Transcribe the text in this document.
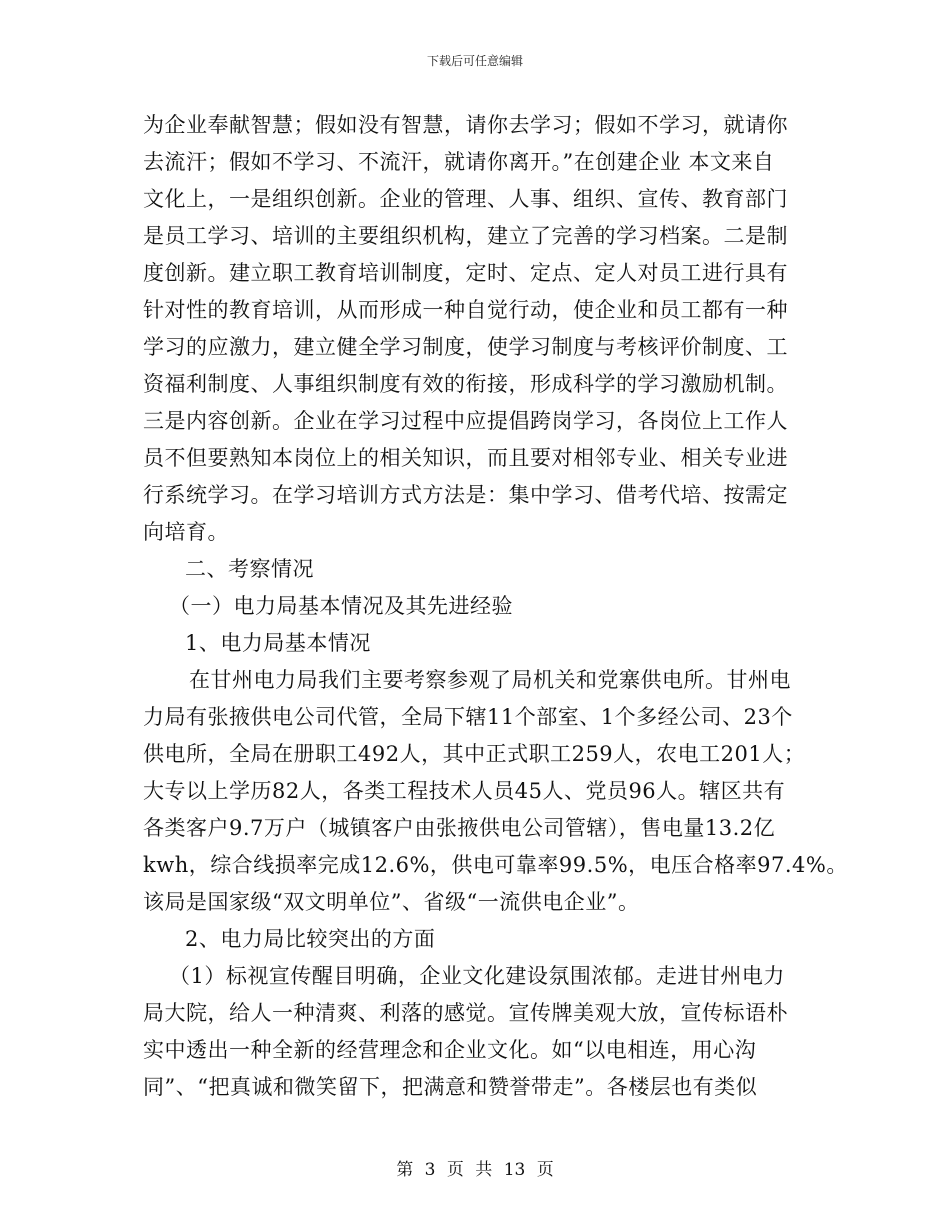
下载后可任意编辑
为企业奉献智慧；假如没有智慧，请你去学习；假如不学习，就请你
去流汗；假如不学习、不流汗，就请你离开。”在创建企业 本文来自
文化上，一是组织创新。企业的管理、人事、组织、宣传、教育部门
是员工学习、培训的主要组织机构，建立了完善的学习档案。二是制
度创新。建立职工教育培训制度，定时、定点、定人对员工进行具有
针对性的教育培训，从而形成一种自觉行动，使企业和员工都有一种
学习的应激力，建立健全学习制度，使学习制度与考核评价制度、工
资福利制度、人事组织制度有效的衔接，形成科学的学习激励机制。
三是内容创新。企业在学习过程中应提倡跨岗学习，各岗位上工作人
员不但要熟知本岗位上的相关知识，而且要对相邻专业、相关专业进
行系统学习。在学习培训方式方法是：集中学习、借考代培、按需定
向培育。
二、考察情况
（一）电力局基本情况及其先进经验
1、电力局基本情况
在甘州电力局我们主要考察参观了局机关和党寨供电所。甘州电
力局有张掖供电公司代管，全局下辖11个部室、1个多经公司、23个
供电所，全局在册职工492人，其中正式职工259人，农电工201人；
大专以上学历82人，各类工程技术人员45人、党员96人。辖区共有
各类客户9.7万户（城镇客户由张掖供电公司管辖），售电量13.2亿
kwh，综合线损率完成12.6%，供电可靠率99.5%，电压合格率97.4%。
该局是国家级“双文明单位”、省级“一流供电企业”。
2、电力局比较突出的方面
（1）标视宣传醒目明确，企业文化建设氛围浓郁。走进甘州电力
局大院，给人一种清爽、利落的感觉。宣传牌美观大放，宣传标语朴
实中透出一种全新的经营理念和企业文化。如“以电相连，用心沟
同”、“把真诚和微笑留下，把满意和赞誉带走”。各楼层也有类似
第 3 页 共 13 页
